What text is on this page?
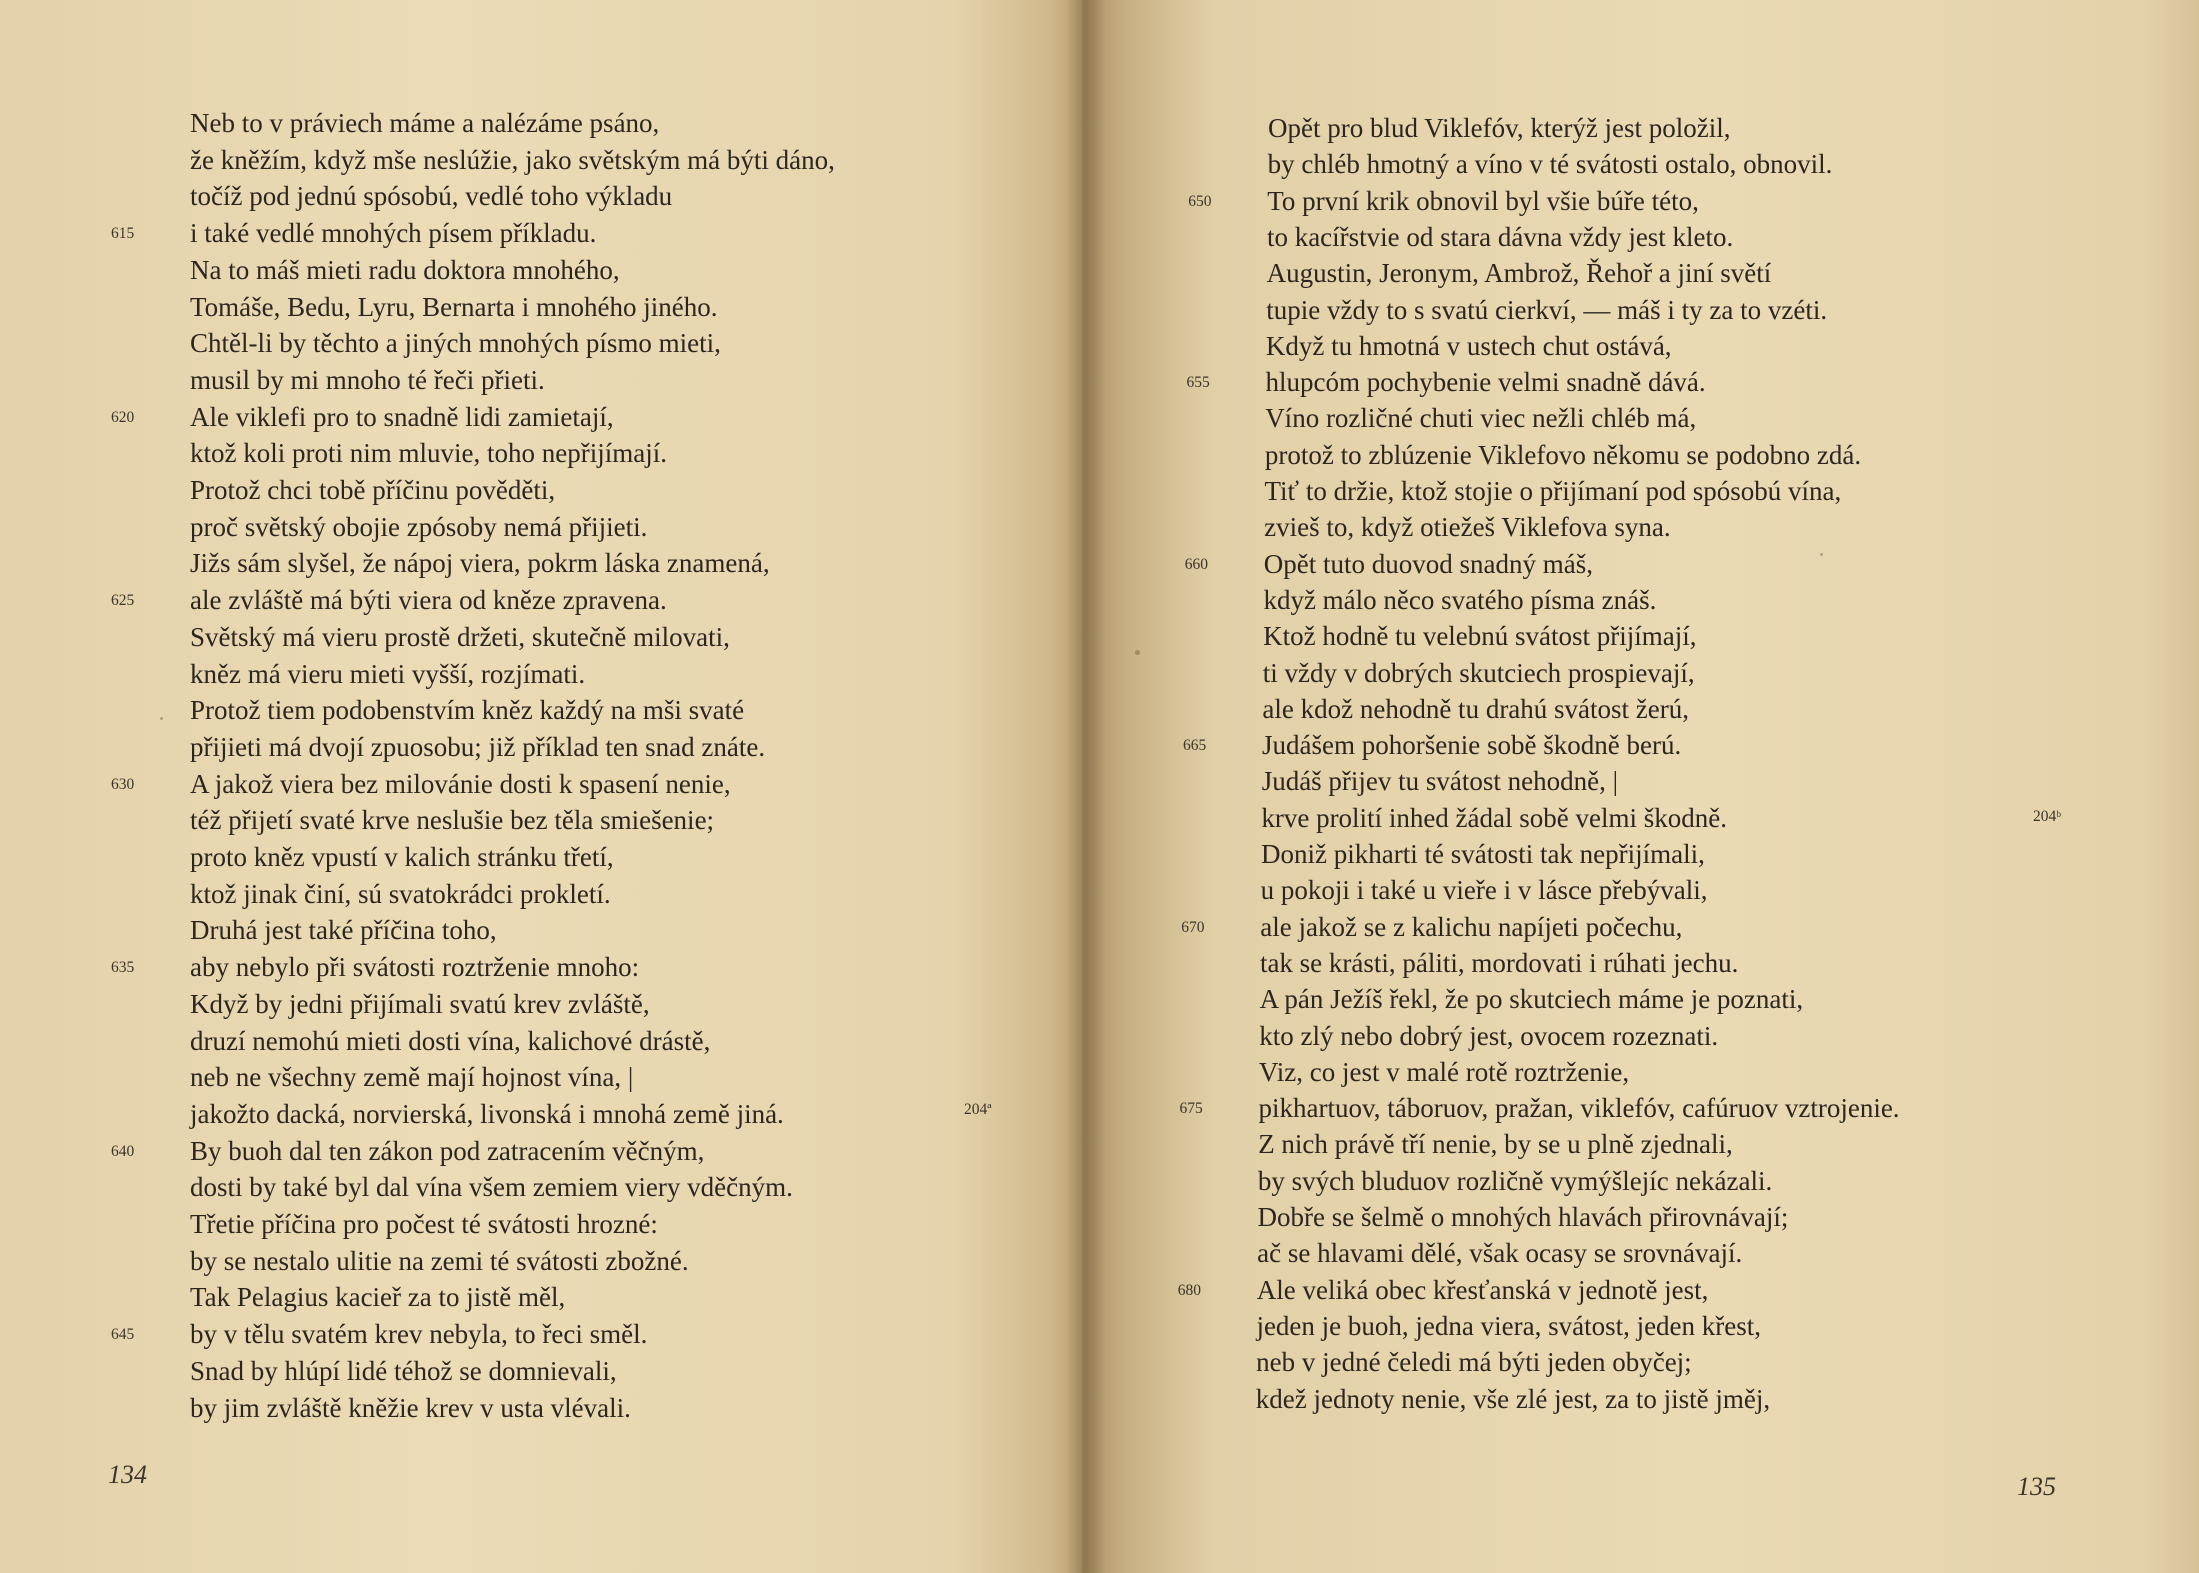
Neb to v práviech máme a nalézáme psáno,
že kněžím, když mše neslúžie, jako světským má býti dáno,
točíž pod jednú spósobú, vedlé toho výkladu
i také vedlé mnohých písem příkladu.
Na to máš mieti radu doktora mnohého,
Tomáše, Bedu, Lyru, Bernarta i mnohého jiného.
Chtěl-li by těchto a jiných mnohých písmo mieti,
musil by mi mnoho té řeči přieti.
Ale viklefi pro to snadně lidi zamietají,
ktož koli proti nim mluvie, toho nepřijímají.
Protož chci tobě příčinu pověděti,
proč světský obojie zpósoby nemá přijieti.
Jižs sám slyšel, že nápoj viera, pokrm láska znamená,
ale zvláště má býti viera od kněze zpravena.
Světský má vieru prostě držeti, skutečně milovati,
kněz má vieru mieti vyšší, rozjímati.
Protož tiem podobenstvím kněz každý na mši svaté
přijieti má dvojí zpuosobu; již příklad ten snad znáte.
A jakož viera bez milovánie dosti k spasení nenie,
též přijetí svaté krve neslušie bez těla smiešenie;
proto kněz vpustí v kalich stránku třetí,
ktož jinak činí, sú svatokrádci prokletí.
Druhá jest také příčina toho,
aby nebylo při svátosti roztrženie mnoho:
Když by jedni přijímali svatú krev zvláště,
druzí nemohú mieti dosti vína, kalichové drástě,
neb ne všechny země mají hojnost vína, |
jakožto dacká, norvierská, livonská i mnohá země jiná.
By buoh dal ten zákon pod zatracením věčným,
dosti by také byl dal vína všem zemiem viery vděčným.
Třetie příčina pro počest té svátosti hrozné:
by se nestalo ulitie na zemi té svátosti zbožné.
Tak Pelagius kacieř za to jistě měl,
by v tělu svatém krev nebyla, to řeci směl.
Snad by hlúpí lidé téhož se domnievali,
by jim zvláště kněžie krev v usta vlévali.
Opět pro blud Viklefóv, kterýž jest položil,
by chléb hmotný a víno v té svátosti ostalo, obnovil.
To první krik obnovil byl všie búře této,
to kacířstvie od stara dávna vždy jest kleto.
Augustin, Jeronym, Ambrož, Řehoř a jiní světí
tupie vždy to s svatú cierkví, — máš i ty za to vzéti.
Když tu hmotná v ustech chut ostává,
hlupcóm pochybenie velmi snadně dává.
Víno rozličné chuti viec nežli chléb má,
protož to zblúzenie Viklefovo někomu se podobno zdá.
Tiť to držie, ktož stojie o přijímaní pod spósobú vína,
zvieš to, když otiežeš Viklefova syna.
Opět tuto duovod snadný máš,
když málo něco svatého písma znáš.
Ktož hodně tu velebnú svátost přijímají,
ti vždy v dobrých skutciech prospievají,
ale kdož nehodně tu drahú svátost žerú,
Judášem pohoršenie sobě škodně berú.
Judáš přijev tu svátost nehodně, |
krve prolití inhed žádal sobě velmi škodně.
Doniž pikharti té svátosti tak nepřijímali,
u pokoji i také u vieře i v lásce přebývali,
ale jakož se z kalichu napíjeti počechu,
tak se krásti, páliti, mordovati i rúhati jechu.
A pán Ježíš řekl, že po skutciech máme je poznati,
kto zlý nebo dobrý jest, ovocem rozeznati.
Viz, co jest v malé rotě roztrženie,
pikhartuov, táboruov, pražan, viklefóv, cafúruov vztrojenie.
Z nich právě tří nenie, by se u plně zjednali,
by svých bluduov rozličně vymýšlejíc nekázali.
Dobře se šelmě o mnohých hlavách přirovnávají;
ač se hlavami dělé, však ocasy se srovnávají.
Ale veliká obec křesťanská v jednotě jest,
jeden je buoh, jedna viera, svátost, jeden křest,
neb v jedné čeledi má býti jeden obyčej;
kdež jednoty nenie, vše zlé jest, za to jistě jměj,
615
620
625
630
635
640
645
650
655
660
665
670
675
680
204ª
204ᵇ
134	135
